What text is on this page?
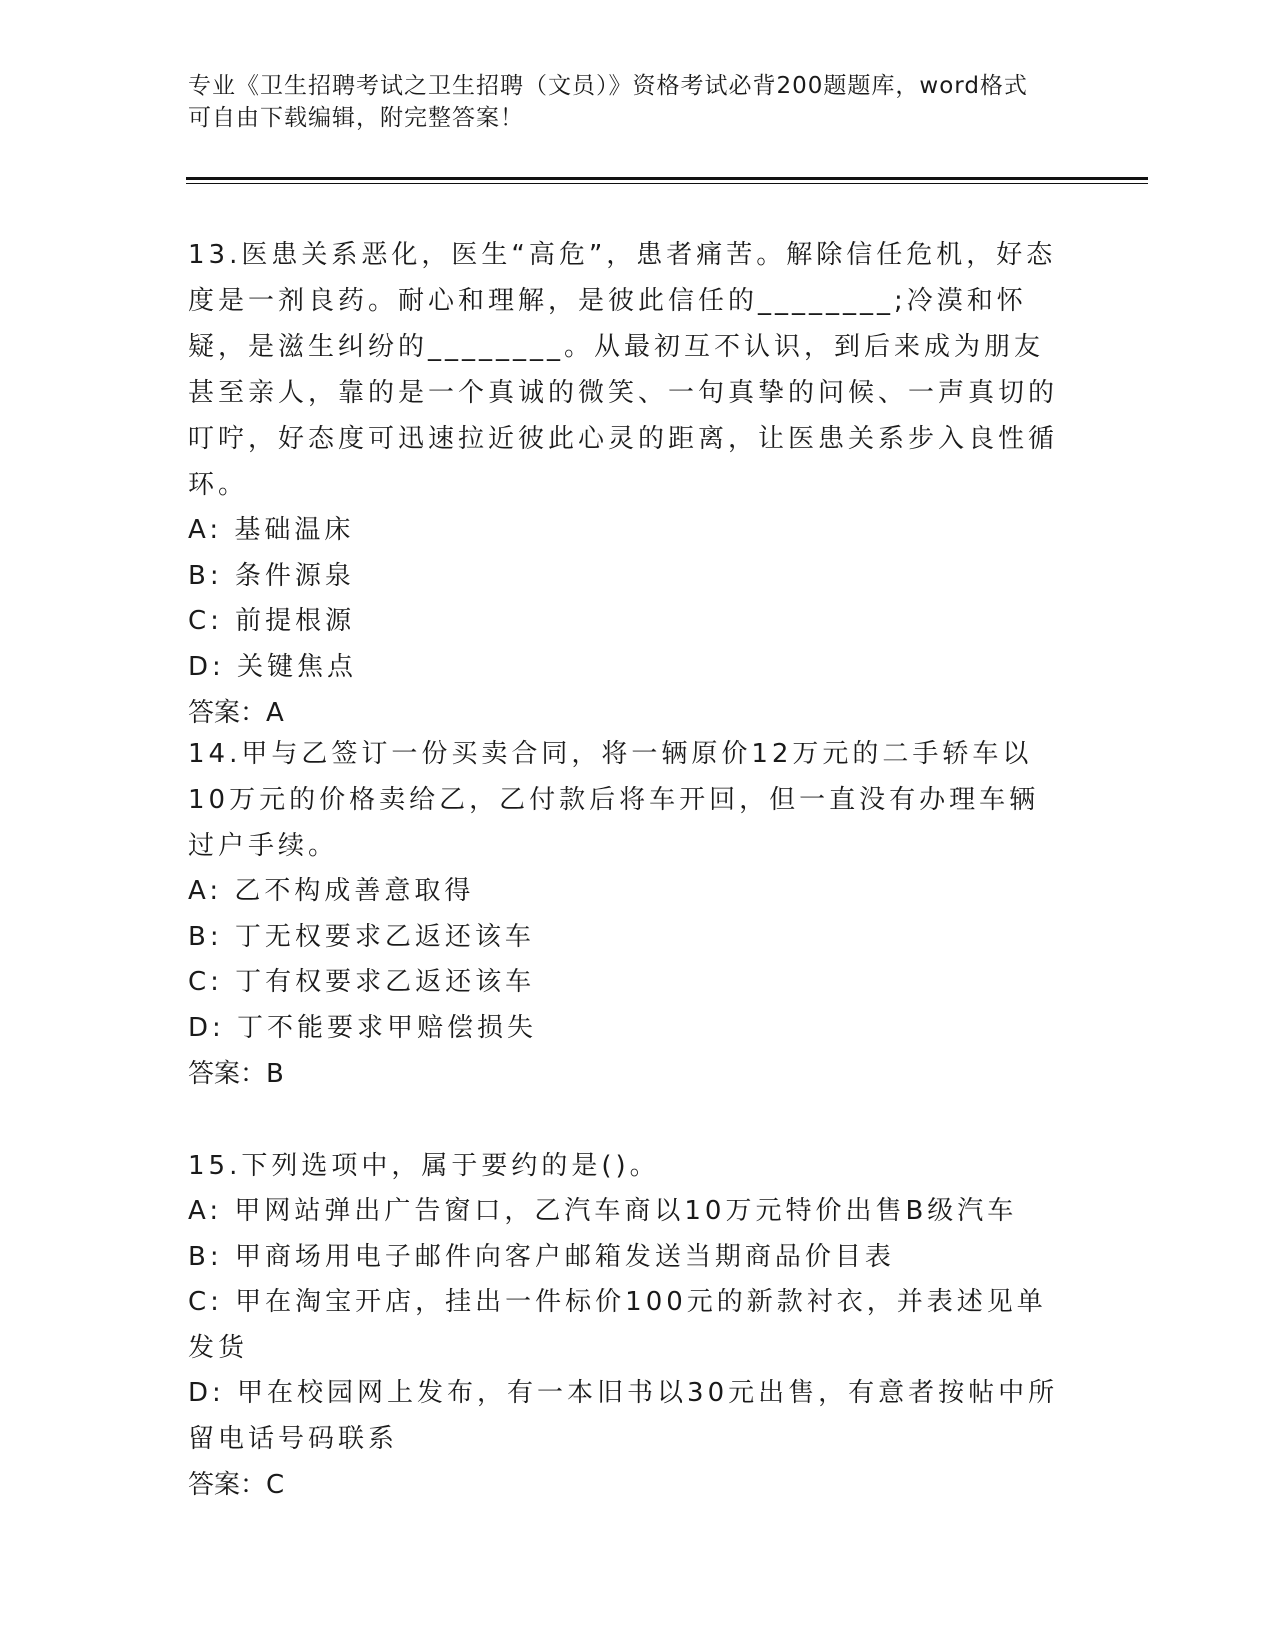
专业《卫生招聘考试之卫生招聘（文员）》资格考试必背200题题库，word格式
可自由下载编辑，附完整答案！

13.医患关系恶化，医生“高危”，患者痛苦。解除信任危机，好态度是一剂良药。耐心和理解，是彼此信任的________;冷漠和怀疑，是滋生纠纷的________。从最初互不认识，到后来成为朋友甚至亲人，靠的是一个真诚的微笑、一句真挚的问候、一声真切的叮咛，好态度可迅速拉近彼此心灵的距离，让医患关系步入良性循环。

A: 基础温床

B: 条件源泉

C: 前提根源

D: 关键焦点

答案：A

14.甲与乙签订一份买卖合同，将一辆原价12万元的二手轿车以10万元的价格卖给乙，乙付款后将车开回，但一直没有办理车辆过户手续。

A: 乙不构成善意取得

B: 丁无权要求乙返还该车

C: 丁有权要求乙返还该车

D: 丁不能要求甲赔偿损失

答案：B

15.下列选项中，属于要约的是()。

A: 甲网站弹出广告窗口，乙汽车商以10万元特价出售B级汽车

B: 甲商场用电子邮件向客户邮箱发送当期商品价目表

C: 甲在淘宝开店，挂出一件标价100元的新款衬衣，并表述见单发货

D: 甲在校园网上发布，有一本旧书以30元出售，有意者按帖中所留电话号码联系

答案：C
